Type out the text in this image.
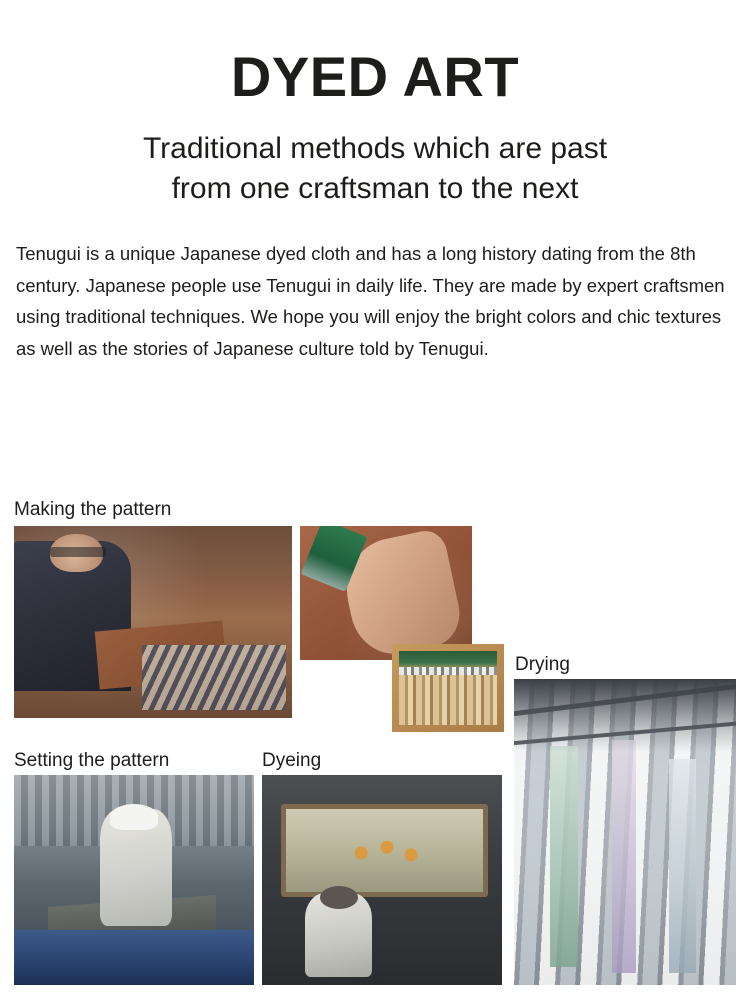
DYED ART
Traditional methods which are past
from one craftsman to the next

Tenugui is a unique Japanese dyed cloth and has a long history dating from the 8th century. Japanese people use Tenugui in daily life. They are made by expert craftsmen using traditional techniques. We hope you will enjoy the bright colors and chic textures as well as the stories of Japanese culture told by Tenugui.

Making the pattern
Setting the pattern	Dyeing
Drying
